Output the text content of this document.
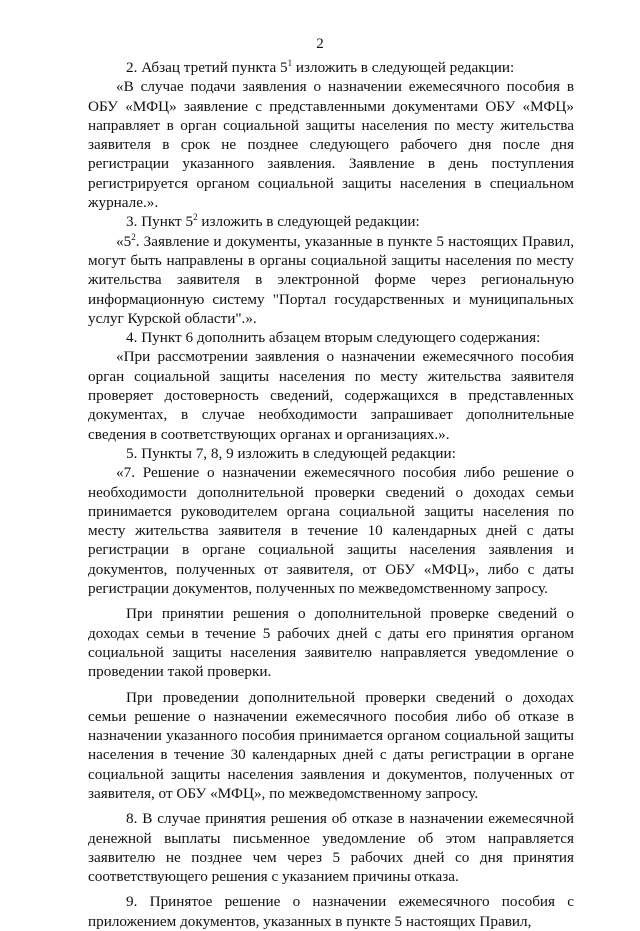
2

2. Абзац третий пункта $5^1$ изложить в следующей редакции:

«В случае подачи заявления о назначении ежемесячного пособия в ОБУ «МФЦ» заявление с представленными документами ОБУ «МФЦ» направляет в орган социальной защиты населения по месту жительства заявителя в срок не позднее следующего рабочего дня после дня регистрации указанного заявления. Заявление в день поступления регистрируется органом социальной защиты населения в специальном журнале.».

3. Пункт $5^2$ изложить в следующей редакции:

«$5^2$. Заявление и документы, указанные в пункте 5 настоящих Правил, могут быть направлены в органы социальной защиты населения по месту жительства заявителя в электронной форме через региональную информационную систему "Портал государственных и муниципальных услуг Курской области".».

4. Пункт 6 дополнить абзацем вторым следующего содержания:

«При рассмотрении заявления о назначении ежемесячного пособия орган социальной защиты населения по месту жительства заявителя проверяет достоверность сведений, содержащихся в представленных документах, в случае необходимости запрашивает дополнительные сведения в соответствующих органах и организациях.».

5. Пункты 7, 8, 9 изложить в следующей редакции:

«7. Решение о назначении ежемесячного пособия либо решение о необходимости дополнительной проверки сведений о доходах семьи принимается руководителем органа социальной защиты населения по месту жительства заявителя в течение 10 календарных дней с даты регистрации в органе социальной защиты населения заявления и документов, полученных от заявителя, от ОБУ «МФЦ», либо с даты регистрации документов, полученных по межведомственному запросу.

При принятии решения о дополнительной проверке сведений о доходах семьи в течение 5 рабочих дней с даты его принятия органом социальной защиты населения заявителю направляется уведомление о проведении такой проверки.

При проведении дополнительной проверки сведений о доходах семьи решение о назначении ежемесячного пособия либо об отказе в назначении указанного пособия принимается органом социальной защиты населения в течение 30 календарных дней с даты регистрации в органе социальной защиты населения заявления и документов, полученных от заявителя, от ОБУ «МФЦ», по межведомственному запросу.

8. В случае принятия решения об отказе в назначении ежемесячной денежной выплаты письменное уведомление об этом направляется заявителю не позднее чем через 5 рабочих дней со дня принятия соответствующего решения с указанием причины отказа.

9. Принятое решение о назначении ежемесячного пособия с приложением документов, указанных в пункте 5 настоящих Правил,
